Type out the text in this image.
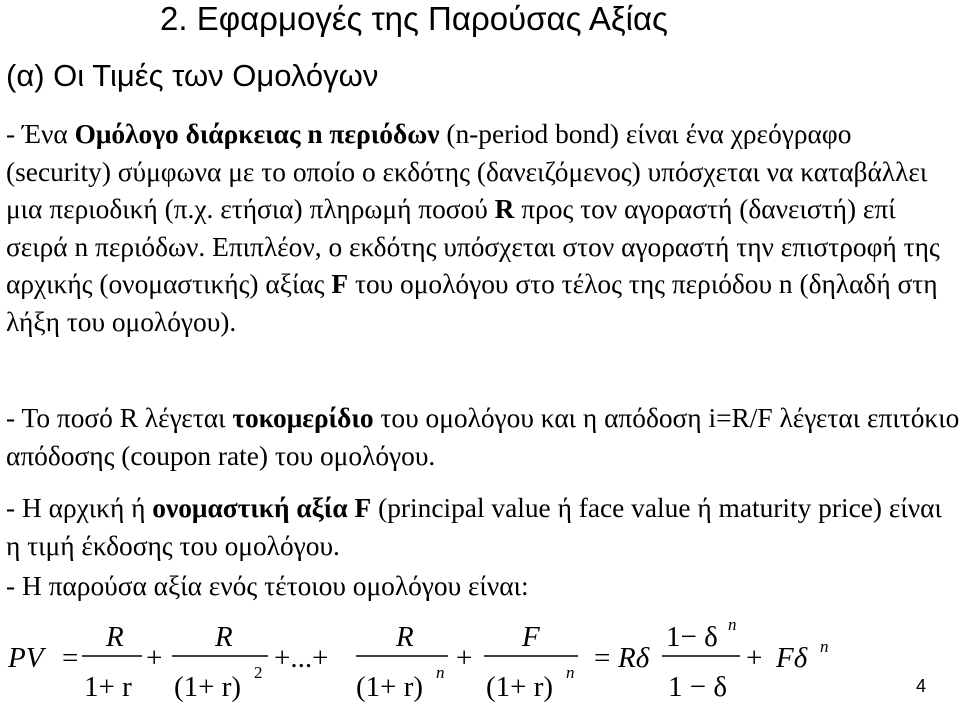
2. Εφαρμογές της Παρούσας Αξίας
(α) Οι Τιμές των Ομολόγων
- Ένα Ομόλογο διάρκειας n περιόδων (n-period bond) είναι ένα χρεόγραφο (security) σύμφωνα με το οποίο ο εκδότης (δανειζόμενος) υπόσχεται να καταβάλλει μια περιοδική (π.χ. ετήσια) πληρωμή ποσού R προς τον αγοραστή (δανειστή) επί σειρά n περιόδων. Επιπλέον, ο εκδότης υπόσχεται στον αγοραστή την επιστροφή της αρχικής (ονομαστικής) αξίας F του ομολόγου στο τέλος της περιόδου n (δηλαδή στη λήξη του ομολόγου).
- Το ποσό R λέγεται τοκομερίδιο του ομολόγου και η απόδοση i=R/F λέγεται επιτόκιο απόδοσης (coupon rate) του ομολόγου.
- Η αρχική ή ονομαστική αξία F (principal value ή face value ή maturity price) είναι η τιμή έκδοσης του ομολόγου.
- Η παρούσα αξία ενός τέτοιου ομολόγου είναι:
PV =
R
1+ r
+
R
(1+ r) 2 +...+
R
(1+ r) n +
F
(1+ r) n = Rδ
1− δ n
1 − δ
+ Fδ n
4
